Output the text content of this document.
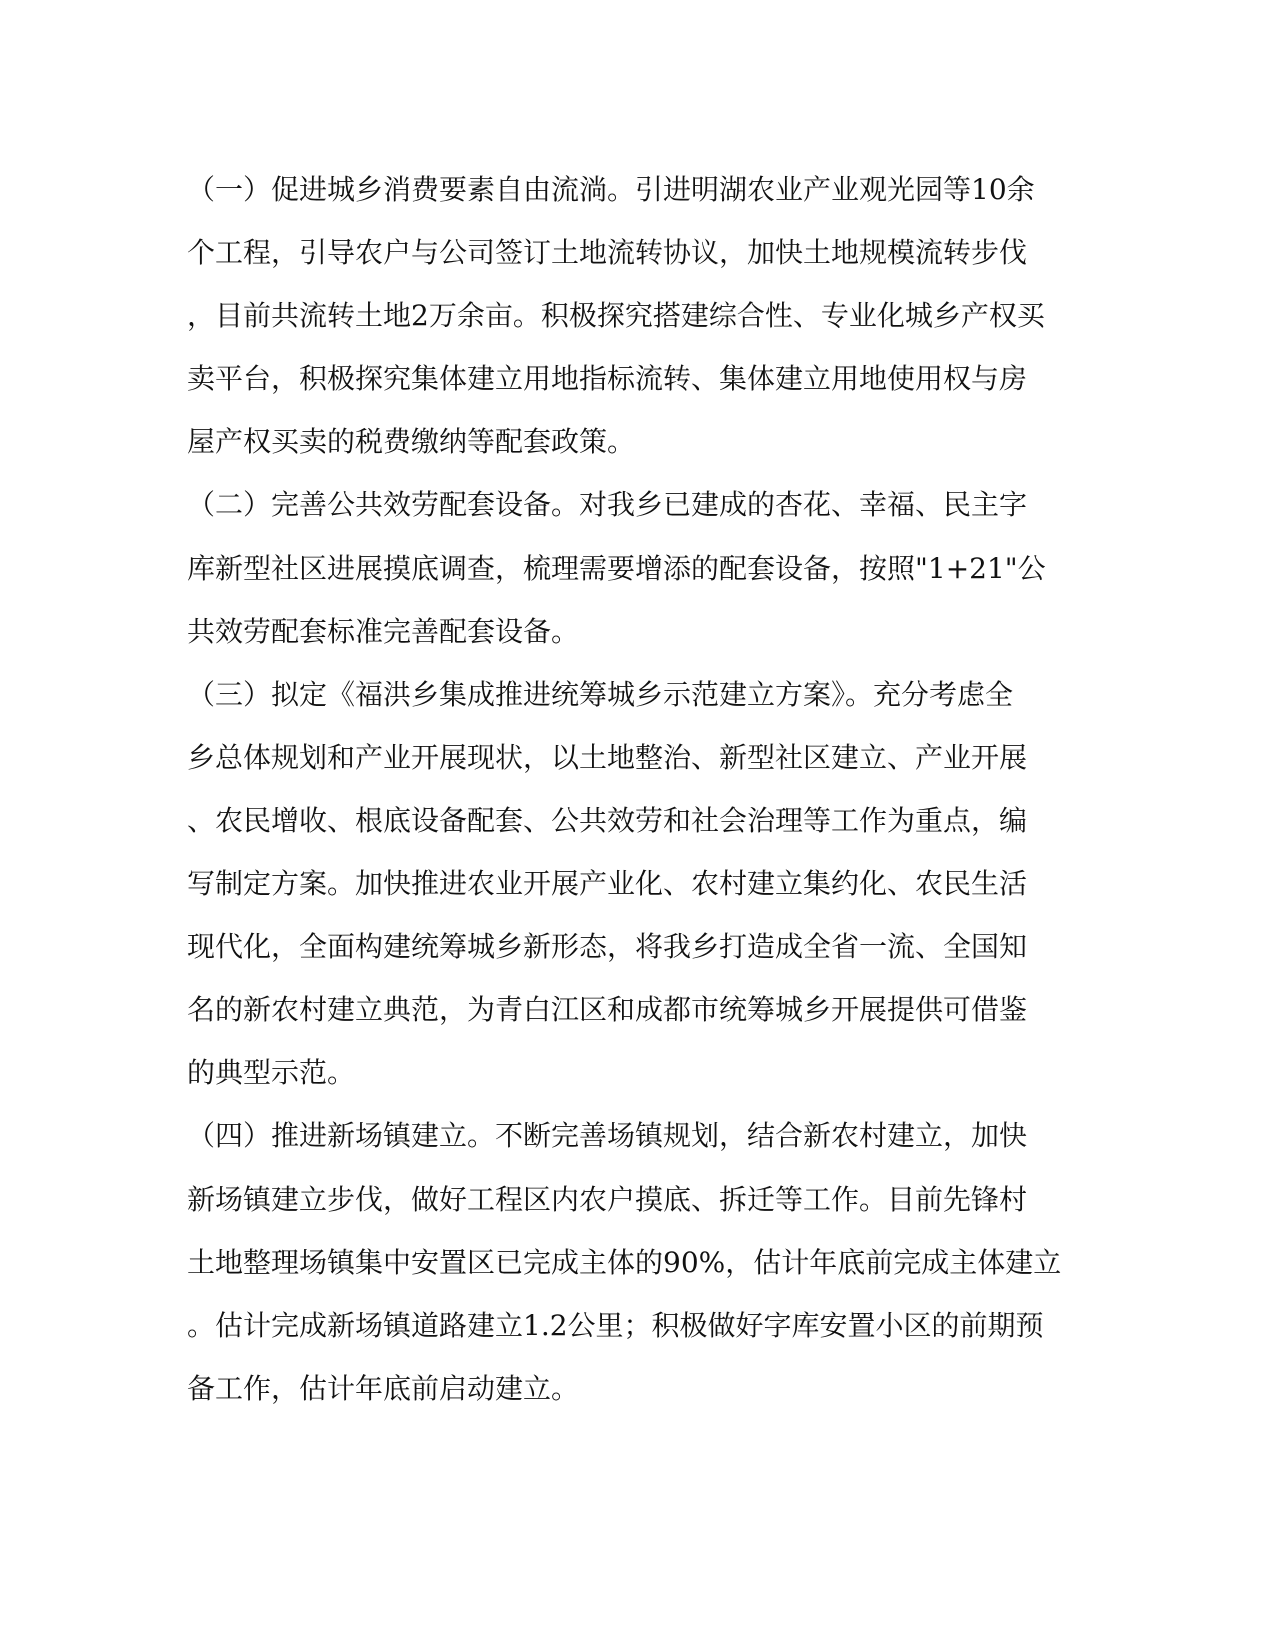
（一）促进城乡消费要素自由流淌。引进明湖农业产业观光园等10余
个工程，引导农户与公司签订土地流转协议，加快土地规模流转步伐
，目前共流转土地2万余亩。积极探究搭建综合性、专业化城乡产权买
卖平台，积极探究集体建立用地指标流转、集体建立用地使用权与房
屋产权买卖的税费缴纳等配套政策。
（二）完善公共效劳配套设备。对我乡已建成的杏花、幸福、民主字
库新型社区进展摸底调查，梳理需要增添的配套设备，按照"1+21"公
共效劳配套标准完善配套设备。
（三）拟定《福洪乡集成推进统筹城乡示范建立方案》。充分考虑全
乡总体规划和产业开展现状，以土地整治、新型社区建立、产业开展
、农民增收、根底设备配套、公共效劳和社会治理等工作为重点，编
写制定方案。加快推进农业开展产业化、农村建立集约化、农民生活
现代化，全面构建统筹城乡新形态，将我乡打造成全省一流、全国知
名的新农村建立典范，为青白江区和成都市统筹城乡开展提供可借鉴
的典型示范。
（四）推进新场镇建立。不断完善场镇规划，结合新农村建立，加快
新场镇建立步伐，做好工程区内农户摸底、拆迁等工作。目前先锋村
土地整理场镇集中安置区已完成主体的90%，估计年底前完成主体建立
。估计完成新场镇道路建立1.2公里；积极做好字库安置小区的前期预
备工作，估计年底前启动建立。
